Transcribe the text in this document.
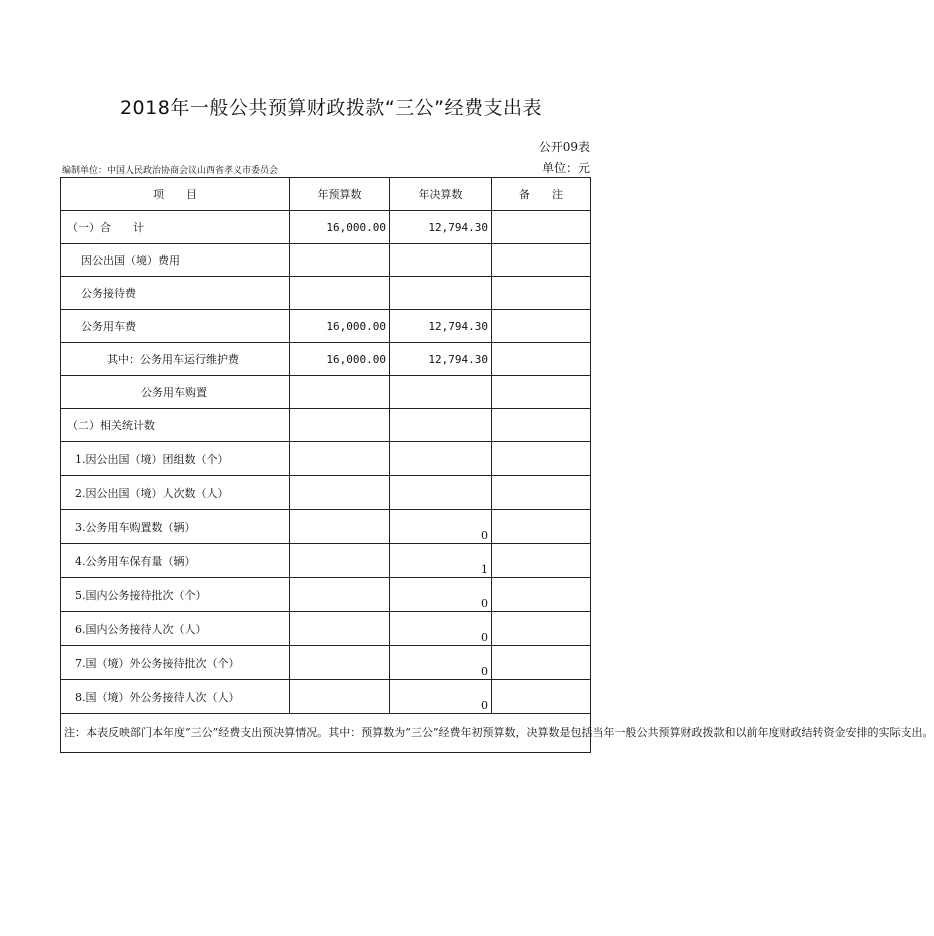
2018年一般公共预算财政拨款“三公”经费支出表
公开09表
编制单位：中国人民政治协商会议山西省孝义市委员会	单位：元
项　　目	年预算数	年决算数	备　　注
（一）合　　计	16,000.00	12,794.30	
因公出国（境）费用			
公务接待费			
公务用车费	16,000.00	12,794.30	
其中：公务用车运行维护费	16,000.00	12,794.30	
公务用车购置			
（二）相关统计数			
1.因公出国（境）团组数（个）			
2.因公出国（境）人次数（人）			
3.公务用车购置数（辆）		0	
4.公务用车保有量（辆）		1	
5.国内公务接待批次（个）		0	
6.国内公务接待人次（人）		0	
7.国（境）外公务接待批次（个）		0	
8.国（境）外公务接待人次（人）		0	
注：本表反映部门本年度“三公”经费支出预决算情况。其中：预算数为“三公”经费年初预算数，决算数是包括当年一般公共预算财政拨款和以前年度财政结转资金安排的实际支出。			
